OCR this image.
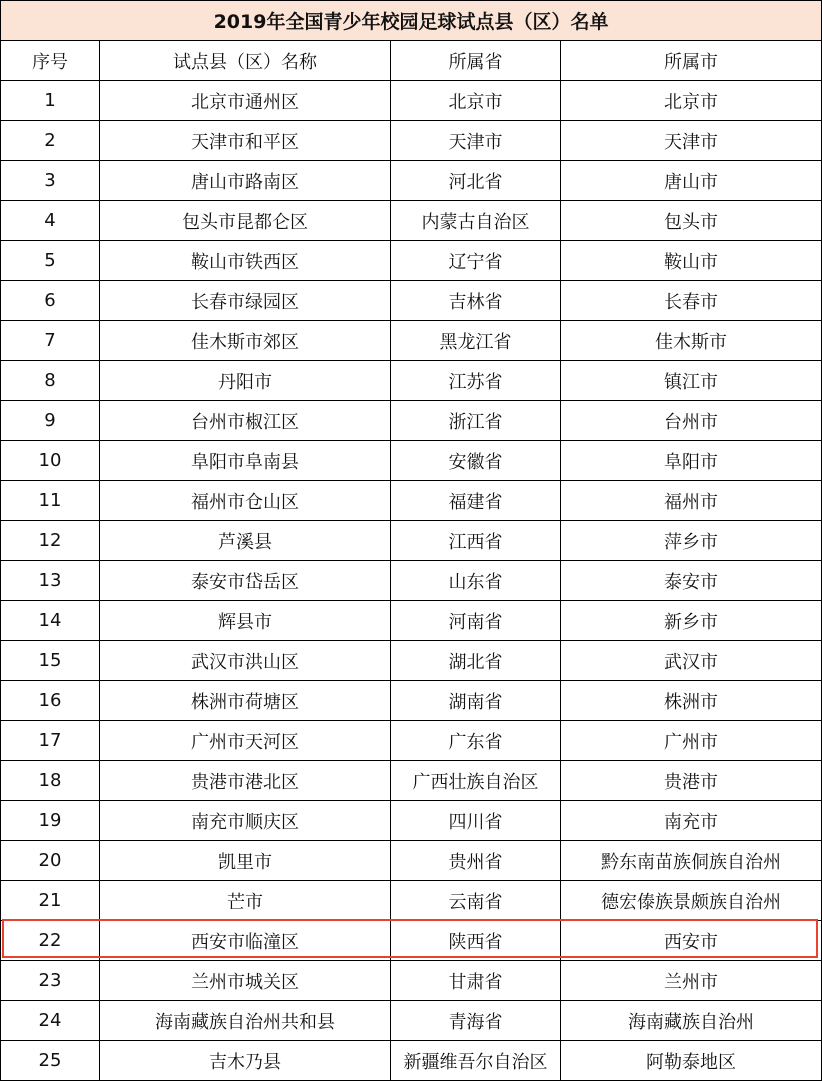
2019年全国青少年校园足球试点县（区）名单			
序号	试点县（区）名称	所属省	所属市
1	北京市通州区	北京市	北京市
2	天津市和平区	天津市	天津市
3	唐山市路南区	河北省	唐山市
4	包头市昆都仑区	内蒙古自治区	包头市
5	鞍山市铁西区	辽宁省	鞍山市
6	长春市绿园区	吉林省	长春市
7	佳木斯市郊区	黑龙江省	佳木斯市
8	丹阳市	江苏省	镇江市
9	台州市椒江区	浙江省	台州市
10	阜阳市阜南县	安徽省	阜阳市
11	福州市仓山区	福建省	福州市
12	芦溪县	江西省	萍乡市
13	泰安市岱岳区	山东省	泰安市
14	辉县市	河南省	新乡市
15	武汉市洪山区	湖北省	武汉市
16	株洲市荷塘区	湖南省	株洲市
17	广州市天河区	广东省	广州市
18	贵港市港北区	广西壮族自治区	贵港市
19	南充市顺庆区	四川省	南充市
20	凯里市	贵州省	黔东南苗族侗族自治州
21	芒市	云南省	德宏傣族景颇族自治州
22	西安市临潼区	陕西省	西安市
23	兰州市城关区	甘肃省	兰州市
24	海南藏族自治州共和县	青海省	海南藏族自治州
25	吉木乃县	新疆维吾尔自治区	阿勒泰地区
